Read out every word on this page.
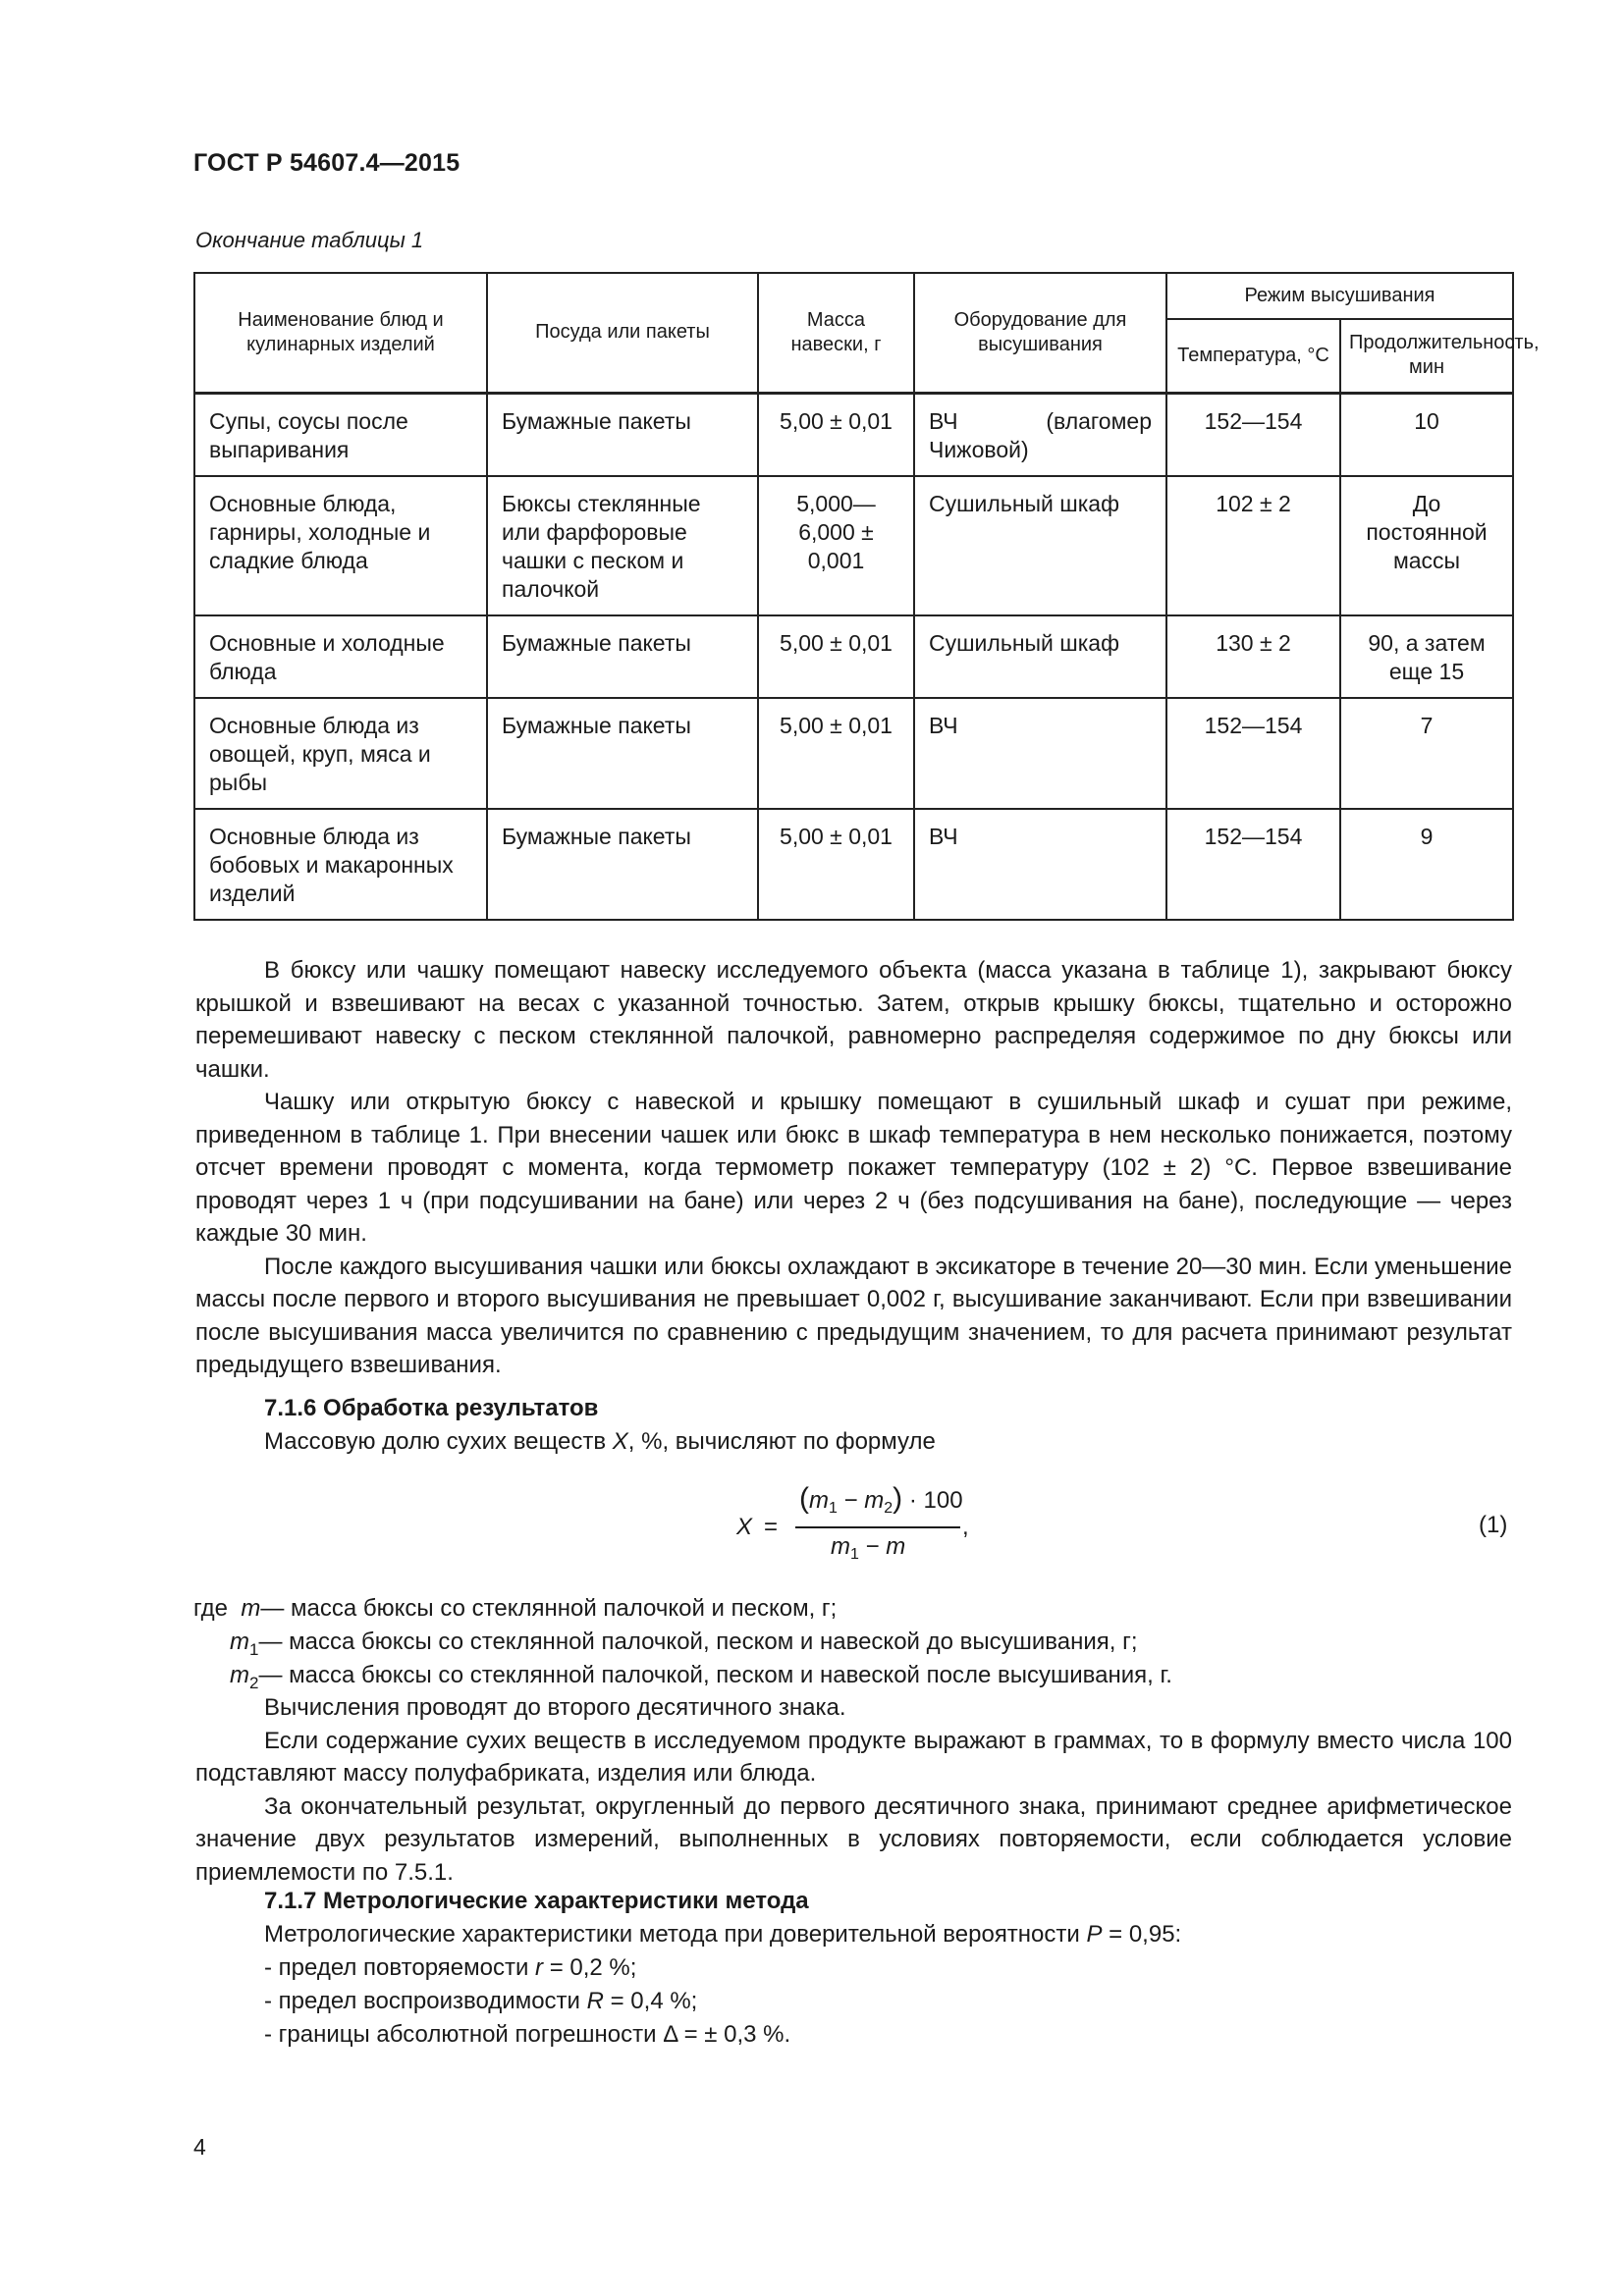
ГОСТ Р 54607.4—2015
Окончание таблицы 1
Наименование блюд и кулинарных изделий	Посуда или пакеты	Масса навески, г	Оборудование для высушивания	Режим высушивания	
				Температура, °С	Продолжительность, мин
Супы, соусы после выпаривания	Бумажные пакеты	5,00 ± 0,01	ВЧ (влагомер Чижовой)	152—154	10
Основные блюда, гарниры, холодные и сладкие блюда	Бюксы стеклянные или фарфоровые чашки с песком и палочкой	5,000—6,000 ± 0,001	Сушильный шкаф	102 ± 2	До постоянной массы
Основные и холодные блюда	Бумажные пакеты	5,00 ± 0,01	Сушильный шкаф	130 ± 2	90, а затем еще 15
Основные блюда из овощей, круп, мяса и рыбы	Бумажные пакеты	5,00 ± 0,01	ВЧ	152—154	7
Основные блюда из бобовых и макаронных изделий	Бумажные пакеты	5,00 ± 0,01	ВЧ	152—154	9

В бюксу или чашку помещают навеску исследуемого объекта (масса указана в таблице 1), закрывают бюксу крышкой и взвешивают на весах с указанной точностью. Затем, открыв крышку бюксы, тщательно и осторожно перемешивают навеску с песком стеклянной палочкой, равномерно распределяя содержимое по дну бюксы или чашки.

Чашку или открытую бюксу с навеской и крышку помещают в сушильный шкаф и сушат при режиме, приведенном в таблице 1. При внесении чашек или бюкс в шкаф температура в нем несколько понижается, поэтому отсчет времени проводят с момента, когда термометр покажет температуру (102 ± 2) °С. Первое взвешивание проводят через 1 ч (при подсушивании на бане) или через 2 ч (без подсушивания на бане), последующие — через каждые 30 мин.

После каждого высушивания чашки или бюксы охлаждают в эксикаторе в течение 20—30 мин. Если уменьшение массы после первого и второго высушивания не превышает 0,002 г, высушивание заканчивают. Если при взвешивании после высушивания масса увеличится по сравнению с предыдущим значением, то для расчета принимают результат предыдущего взвешивания.

7.1.6 Обработка результатов
Массовую долю сухих веществ X, %, вычисляют по формуле
X =
$(m_1 - m_2) \cdot 100$
$m_1 - m$
,	(1)
где m— масса бюксы со стеклянной палочкой и песком, г;
$m_1—$ масса бюксы со стеклянной палочкой, песком и навеской до высушивания, г;
$m_2—$ масса бюксы со стеклянной палочкой, песком и навеской после высушивания, г.

Вычисления проводят до второго десятичного знака.

Если содержание сухих веществ в исследуемом продукте выражают в граммах, то в формулу вместо числа 100 подставляют массу полуфабриката, изделия или блюда.

За окончательный результат, округленный до первого десятичного знака, принимают среднее арифметическое значение двух результатов измерений, выполненных в условиях повторяемости, если соблюдается условие приемлемости по 7.5.1.

7.1.7 Метрологические характеристики метода
Метрологические характеристики метода при доверительной вероятности P = 0,95:
- предел повторяемости r = 0,2 %;
- предел воспроизводимости R = 0,4 %;
- границы абсолютной погрешности Δ = ± 0,3 %.
4
